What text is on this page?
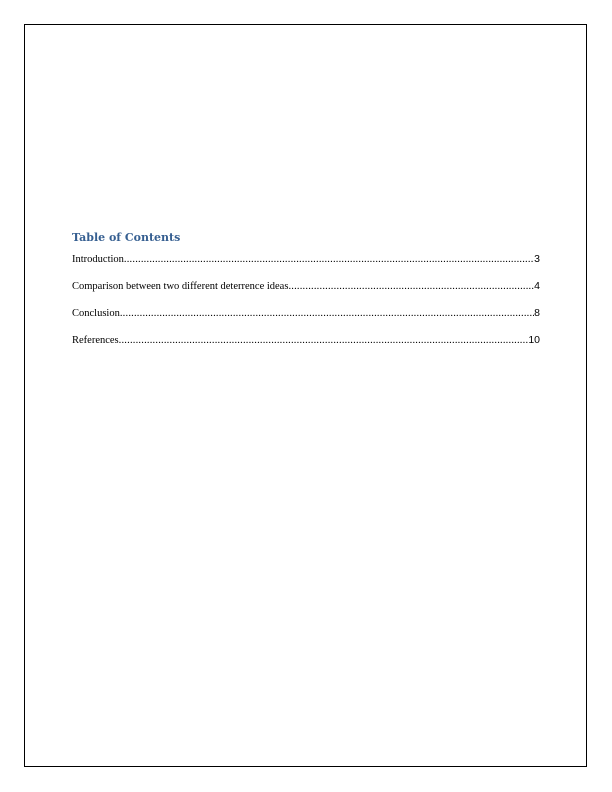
Table of Contents
Introduction .....	3
Comparison between two different deterrence ideas .....	4
Conclusion .....	8
References .....	10
